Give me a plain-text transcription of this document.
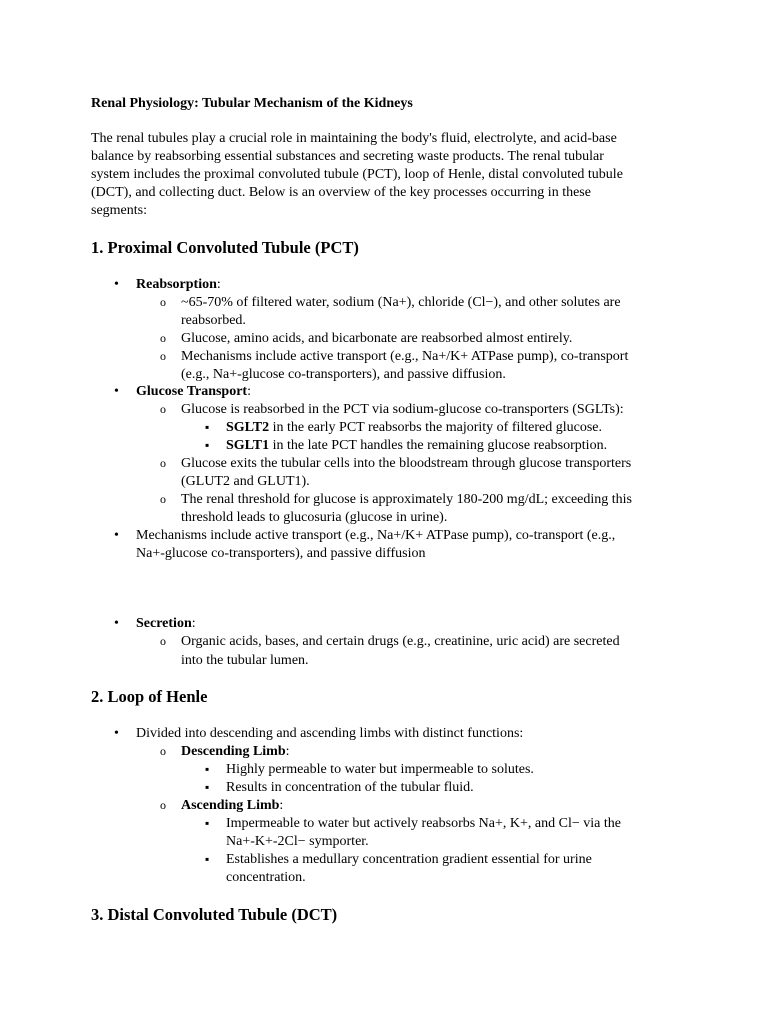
Renal Physiology: Tubular Mechanism of the Kidneys
The renal tubules play a crucial role in maintaining the body's fluid, electrolyte, and acid-base
balance by reabsorbing essential substances and secreting waste products. The renal tubular
system includes the proximal convoluted tubule (PCT), loop of Henle, distal convoluted tubule
(DCT), and collecting duct. Below is an overview of the key processes occurring in these
segments:
1. Proximal Convoluted Tubule (PCT)
•
Reabsorption:
o
~65-70% of filtered water, sodium (Na+), chloride (Cl−), and other solutes are
reabsorbed.
o
Glucose, amino acids, and bicarbonate are reabsorbed almost entirely.
o
Mechanisms include active transport (e.g., Na+/K+ ATPase pump), co-transport
(e.g., Na+-glucose co-transporters), and passive diffusion.
•
Glucose Transport:
o
Glucose is reabsorbed in the PCT via sodium-glucose co-transporters (SGLTs):
▪
SGLT2 in the early PCT reabsorbs the majority of filtered glucose.
▪
SGLT1 in the late PCT handles the remaining glucose reabsorption.
o
Glucose exits the tubular cells into the bloodstream through glucose transporters
(GLUT2 and GLUT1).
o
The renal threshold for glucose is approximately 180-200 mg/dL; exceeding this
threshold leads to glucosuria (glucose in urine).
•
Mechanisms include active transport (e.g., Na+/K+ ATPase pump), co-transport (e.g.,
Na+-glucose co-transporters), and passive diffusion
•
Secretion:
o
Organic acids, bases, and certain drugs (e.g., creatinine, uric acid) are secreted
into the tubular lumen.
2. Loop of Henle
•
Divided into descending and ascending limbs with distinct functions:
o
Descending Limb:
▪
Highly permeable to water but impermeable to solutes.
▪
Results in concentration of the tubular fluid.
o
Ascending Limb:
▪
Impermeable to water but actively reabsorbs Na+, K+, and Cl− via the
Na+-K+-2Cl− symporter.
▪
Establishes a medullary concentration gradient essential for urine
concentration.
3. Distal Convoluted Tubule (DCT)
